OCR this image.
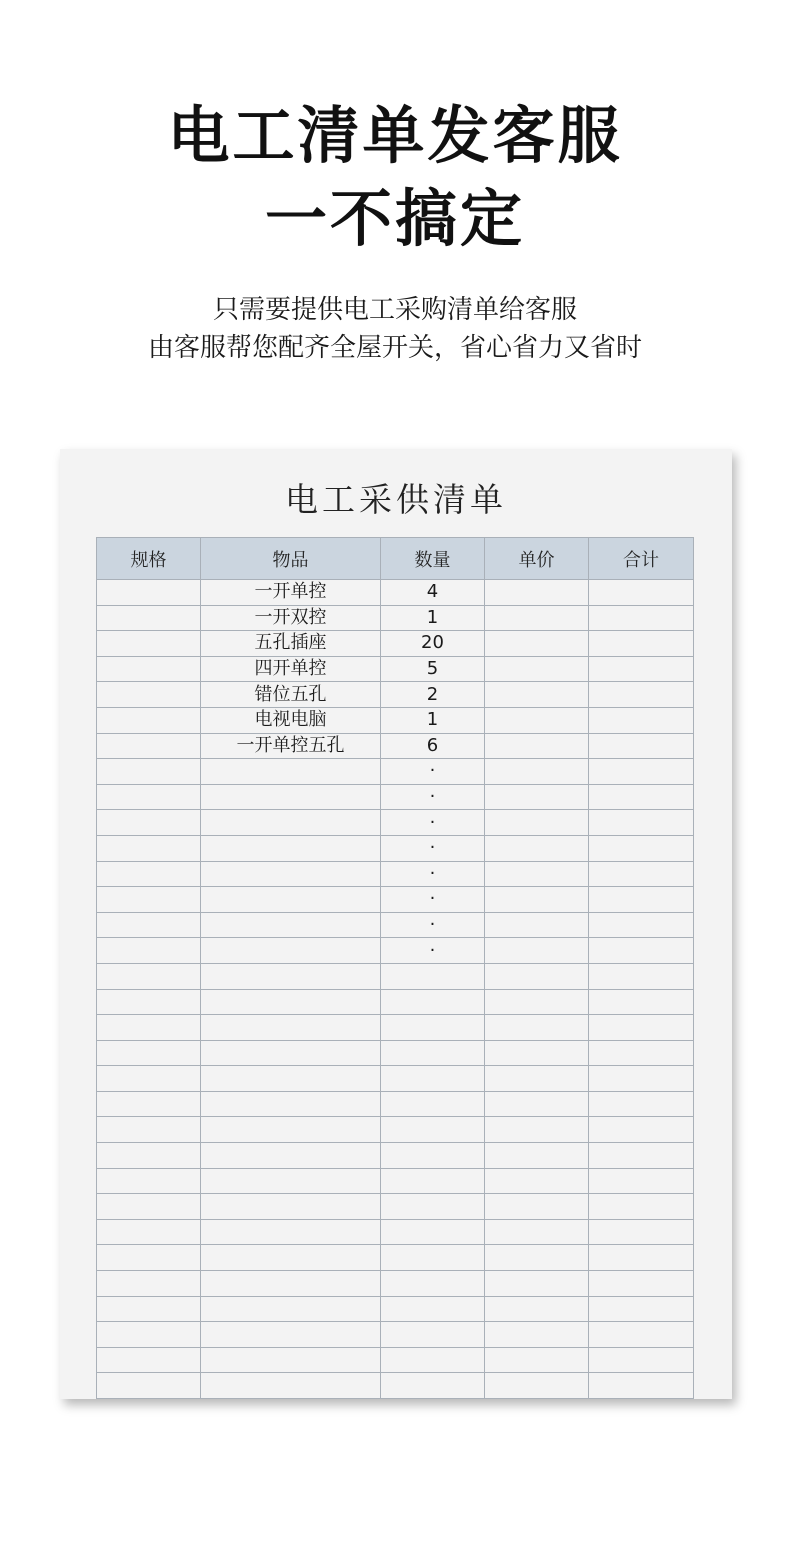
电工清单发客服
一不搞定
只需要提供电工采购清单给客服
由客服帮您配齐全屋开关，省心省力又省时
电工采供清单
规格	物品	数量	单价	合计
	一开单控	4		
	一开双控	1		
	五孔插座	20		
	四开单控	5		
	错位五孔	2		
	电视电脑	1		
	一开单控五孔	6		
		·		
		·		
		·		
		·		
		·		
		·		
		·		
		·		
